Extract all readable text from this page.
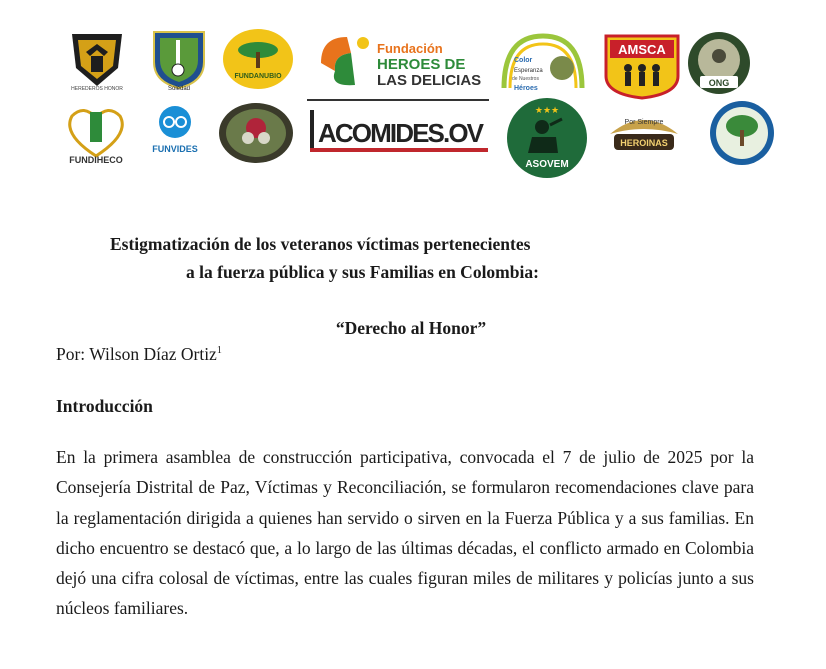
HEREDEROS HONOR	Soledad
FUNDANUBIO
Fundación
HEROES DE
LAS DELICIAS
Color
Esperanza
de Nuestros
Héroes
AMSCA
ONG
FUNDIHECO
FUNVIDES
ACOMIDES.OV
★★★
ASOVEM
Por Siempre
HEROINAS
Estigmatización de los veteranos víctimas pertenecientes
a la fuerza pública y sus Familias en Colombia:
“Derecho al Honor”
Por: Wilson Díaz Ortiz$^1$
Introducción
En la primera asamblea de construcción participativa, convocada el 7 de julio de 2025 por la Consejería Distrital de Paz, Víctimas y Reconciliación, se formularon recomendaciones clave para la reglamentación dirigida a quienes han servido o sirven en la Fuerza Pública y a sus familias. En dicho encuentro se destacó que, a lo largo de las últimas décadas, el conflicto armado en Colombia dejó una cifra colosal de víctimas, entre las cuales figuran miles de militares y policías junto a sus núcleos familiares.
